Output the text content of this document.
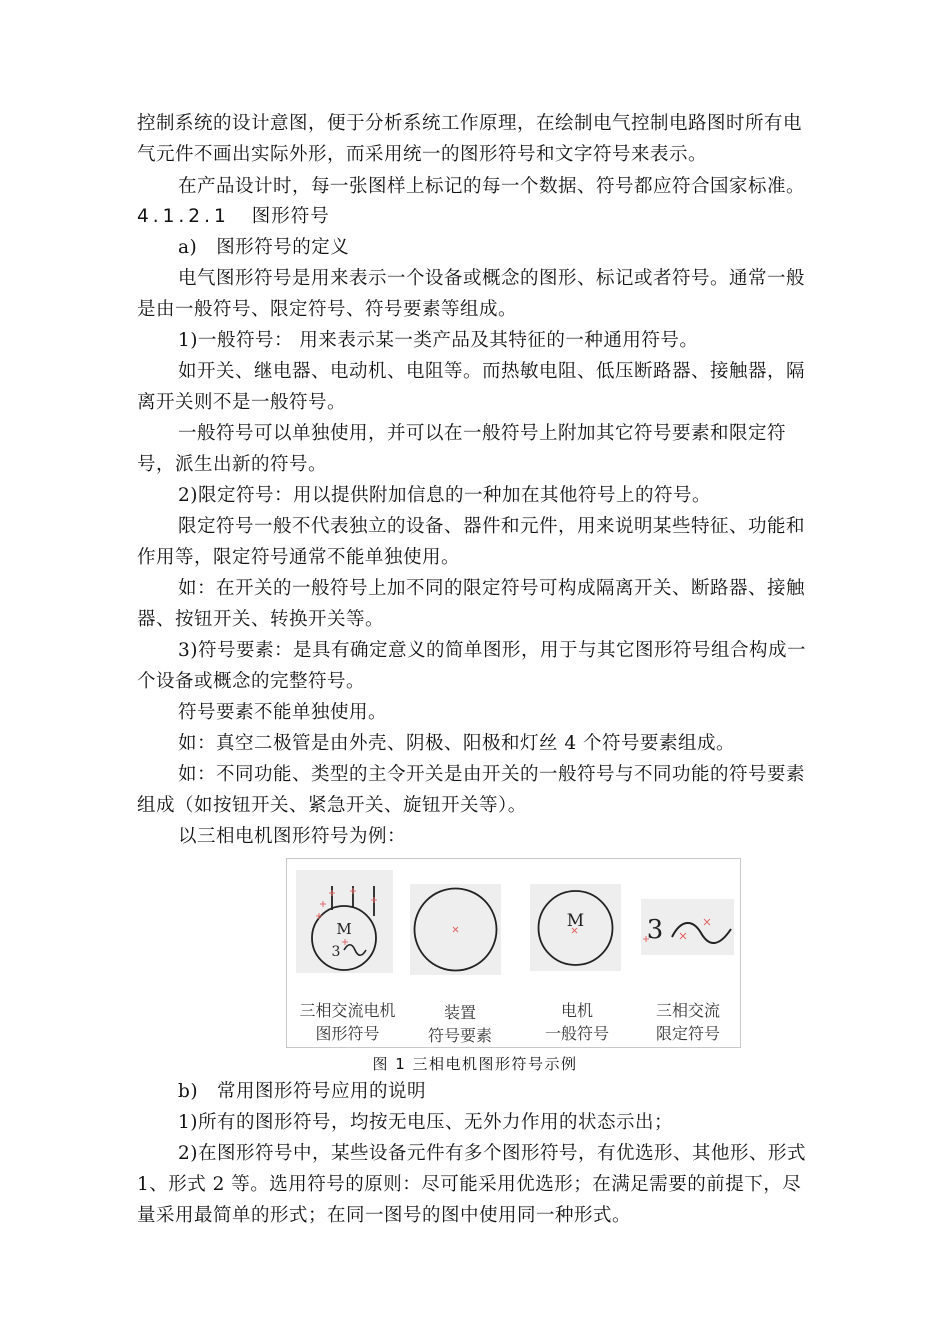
控制系统的设计意图，便于分析系统工作原理，在绘制电气控制电路图时所有电
气元件不画出实际外形，而采用统一的图形符号和文字符号来表示。
在产品设计时，每一张图样上标记的每一个数据、符号都应符合国家标准。
4.1.2.1 图形符号
a)　图形符号的定义
电气图形符号是用来表示一个设备或概念的图形、标记或者符号。通常一般
是由一般符号、限定符号、符号要素等组成。
1)一般符号： 用来表示某一类产品及其特征的一种通用符号。
如开关、继电器、电动机、电阻等。而热敏电阻、低压断路器、接触器，隔
离开关则不是一般符号。
一般符号可以单独使用，并可以在一般符号上附加其它符号要素和限定符
号，派生出新的符号。
2)限定符号：用以提供附加信息的一种加在其他符号上的符号。
限定符号一般不代表独立的设备、器件和元件，用来说明某些特征、功能和
作用等，限定符号通常不能单独使用。
如：在开关的一般符号上加不同的限定符号可构成隔离开关、断路器、接触
器、按钮开关、转换开关等。
3)符号要素：是具有确定意义的简单图形，用于与其它图形符号组合构成一
个设备或概念的完整符号。
符号要素不能单独使用。
如：真空二极管是由外壳、阴极、阳极和灯丝 4 个符号要素组成。
如：不同功能、类型的主令开关是由开关的一般符号与不同功能的符号要素
组成（如按钮开关、紧急开关、旋钮开关等）。
以三相电机图形符号为例：
M
3
M 3
三相交流电机
图形符号
装置
符号要素
电机
一般符号
三相交流
限定符号
图 1 三相电机图形符号示例
b)　常用图形符号应用的说明
1)所有的图形符号，均按无电压、无外力作用的状态示出；
2)在图形符号中，某些设备元件有多个图形符号，有优选形、其他形、形式
1、形式 2 等。选用符号的原则：尽可能采用优选形；在满足需要的前提下，尽
量采用最简单的形式；在同一图号的图中使用同一种形式。
